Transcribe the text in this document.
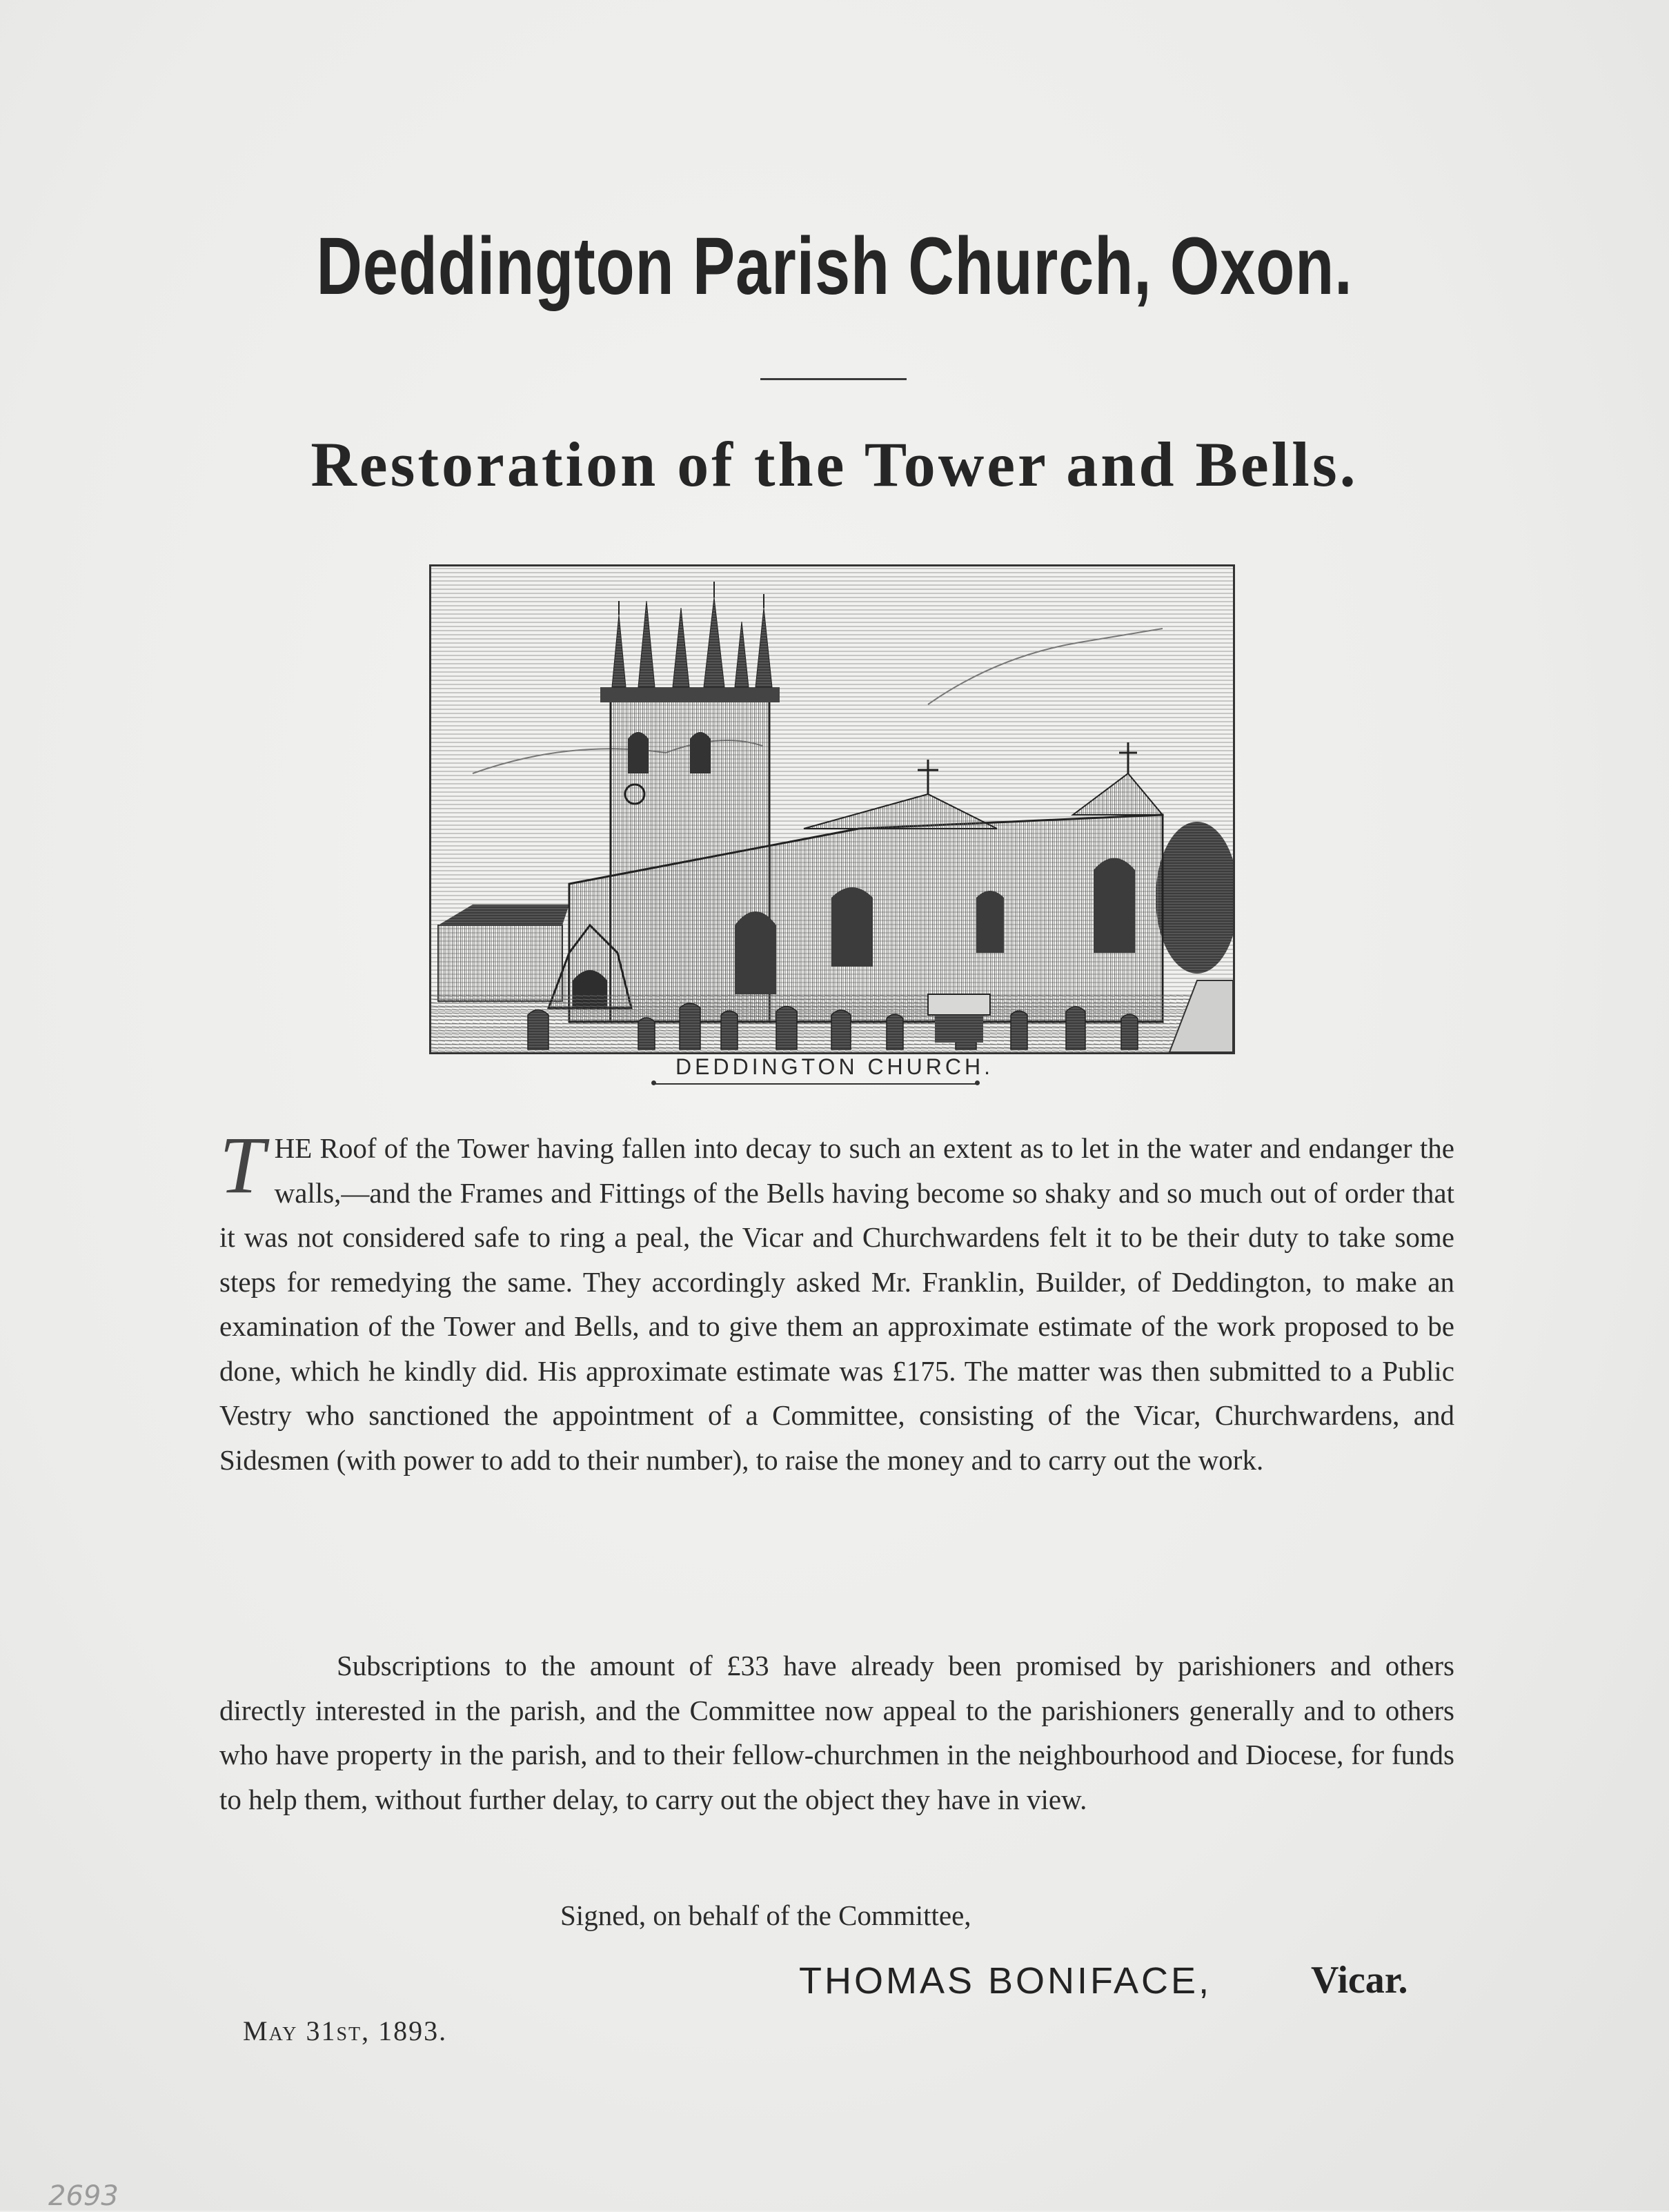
Deddington Parish Church, Oxon.
Restoration of the Tower and Bells.
DEDDINGTON CHURCH.
THE Roof of the Tower having fallen into decay to such an extent as to let in the water and endanger the walls,—and the Frames and Fittings of the Bells having become so shaky and so much out of order that it was not considered safe to ring a peal, the Vicar and Churchwardens felt it to be their duty to take some steps for remedying the same. They accordingly asked Mr. Franklin, Builder, of Deddington, to make an examination of the Tower and Bells, and to give them an approximate estimate of the work proposed to be done, which he kindly did. His approximate estimate was £175. The matter was then submitted to a Public Vestry who sanctioned the appointment of a Committee, consisting of the Vicar, Churchwardens, and Sidesmen (with power to add to their number), to raise the money and to carry out the work.
Subscriptions to the amount of £33 have already been promised by parishioners and others directly interested in the parish, and the Committee now appeal to the parishioners generally and to others who have property in the parish, and to their fellow-churchmen in the neighbourhood and Diocese, for funds to help them, without further delay, to carry out the object they have in view.
Signed, on behalf of the Committee,
THOMAS BONIFACE,	Vicar.
May 31st, 1893.
2693
